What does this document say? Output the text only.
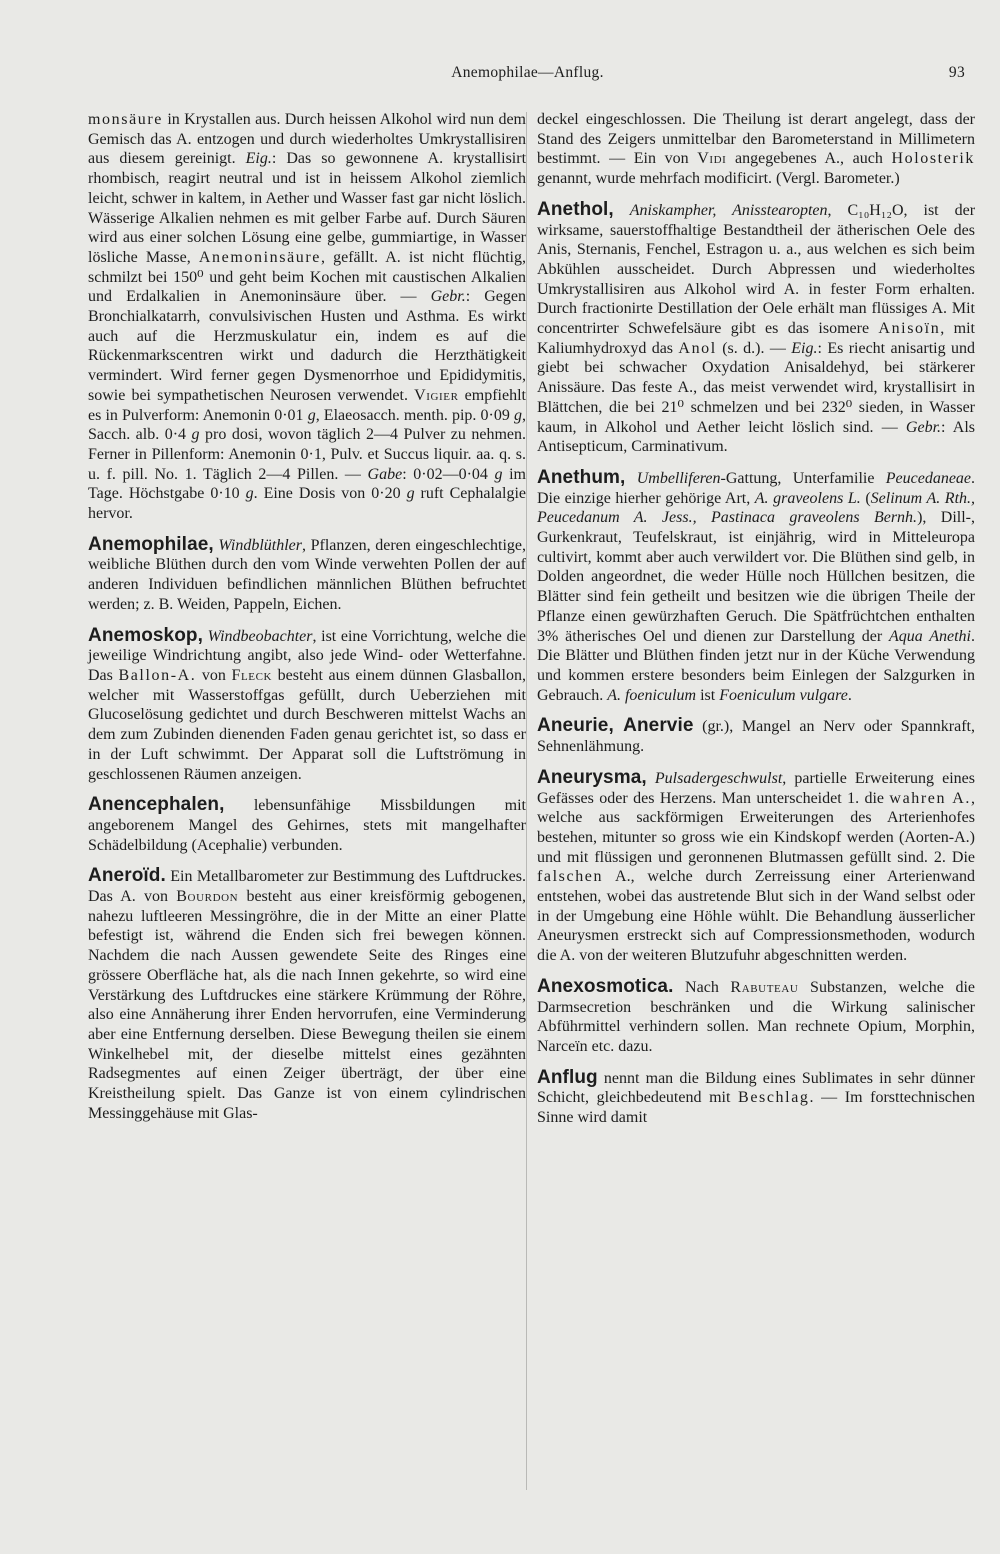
Anemophilae—Anflug.	93

monsäure in Krystallen aus. Durch heissen Alkohol wird nun dem Gemisch das A. entzogen und durch wiederholtes Umkrystallisiren aus diesem gereinigt. Eig.: Das so gewonnene A. krystallisirt rhombisch, reagirt neutral und ist in heissem Alkohol ziemlich leicht, schwer in kaltem, in Aether und Wasser fast gar nicht löslich. Wässerige Alkalien nehmen es mit gelber Farbe auf. Durch Säuren wird aus einer solchen Lösung eine gelbe, gummiartige, in Wasser lösliche Masse, Anemoninsäure, gefällt. A. ist nicht flüchtig, schmilzt bei 150⁰ und geht beim Kochen mit caustischen Alkalien und Erdalkalien in Anemoninsäure über. — Gebr.: Gegen Bronchialkatarrh, convulsivischen Husten und Asthma. Es wirkt auch auf die Herzmuskulatur ein, indem es auf die Rückenmarkscentren wirkt und dadurch die Herzthätigkeit vermindert. Wird ferner gegen Dysmenorrhoe und Epididymitis, sowie bei sympathetischen Neurosen verwendet. Vigier empfiehlt es in Pulverform: Anemonin 0·01 g, Elaeosacch. menth. pip. 0·09 g, Sacch. alb. 0·4 g pro dosi, wovon täglich 2—4 Pulver zu nehmen. Ferner in Pillenform: Anemonin 0·1, Pulv. et Succus liquir. aa. q. s. u. f. pill. No. 1. Täglich 2—4 Pillen. — Gabe: 0·02—0·04 g im Tage. Höchstgabe 0·10 g. Eine Dosis von 0·20 g ruft Cephalalgie hervor.

Anemophilae, Windblüthler, Pflanzen, deren eingeschlechtige, weibliche Blüthen durch den vom Winde verwehten Pollen der auf anderen Individuen befindlichen männlichen Blüthen befruchtet werden; z. B. Weiden, Pappeln, Eichen.

Anemoskop, Windbeobachter, ist eine Vorrichtung, welche die jeweilige Windrichtung angibt, also jede Wind- oder Wetterfahne. Das Ballon-A. von Fleck besteht aus einem dünnen Glasballon, welcher mit Wasserstoffgas gefüllt, durch Ueberziehen mit Glucoselösung gedichtet und durch Beschweren mittelst Wachs an dem zum Zubinden dienenden Faden genau gerichtet ist, so dass er in der Luft schwimmt. Der Apparat soll die Luftströmung in geschlossenen Räumen anzeigen.

Anencephalen, lebensunfähige Missbildungen mit angeborenem Mangel des Gehirnes, stets mit mangelhafter Schädelbildung (Acephalie) verbunden.

Aneroïd. Ein Metallbarometer zur Bestimmung des Luftdruckes. Das A. von Bourdon besteht aus einer kreisförmig gebogenen, nahezu luftleeren Messingröhre, die in der Mitte an einer Platte befestigt ist, während die Enden sich frei bewegen können. Nachdem die nach Aussen gewendete Seite des Ringes eine grössere Oberfläche hat, als die nach Innen gekehrte, so wird eine Verstärkung des Luftdruckes eine stärkere Krümmung der Röhre, also eine Annäherung ihrer Enden hervorrufen, eine Verminderung aber eine Entfernung derselben. Diese Bewegung theilen sie einem Winkelhebel mit, der dieselbe mittelst eines gezähnten Radsegmentes auf einen Zeiger überträgt, der über eine Kreistheilung spielt. Das Ganze ist von einem cylindrischen Messinggehäuse mit Glas-

deckel eingeschlossen. Die Theilung ist derart angelegt, dass der Stand des Zeigers unmittelbar den Barometerstand in Millimetern bestimmt. — Ein von Vidi angegebenes A., auch Holosterik genannt, wurde mehrfach modificirt. (Vergl. Barometer.)

Anethol, Anisk​ampher, Anisstearopten, C₁₀H₁₂O, ist der wirksame, sauerstoffhaltige Bestandtheil der ätherischen Oele des Anis, Sternanis, Fenchel, Estragon u. a., aus welchen es sich beim Abkühlen ausscheidet. Durch Abpressen und wiederholtes Umkrystallisiren aus Alkohol wird A. in fester Form erhalten. Durch fractionirte Destillation der Oele erhält man flüssiges A. Mit concentrirter Schwefelsäure gibt es das isomere Anisoïn, mit Kaliumhydroxyd das Anol (s. d.). — Eig.: Es riecht anisartig und giebt bei schwacher Oxydation Anisaldehyd, bei stärkerer Anissäure. Das feste A., das meist verwendet wird, krystallisirt in Blättchen, die bei 21⁰ schmelzen und bei 232⁰ sieden, in Wasser kaum, in Alkohol und Aether leicht löslich sind. — Gebr.: Als Antisepticum, Carminativum.

Anethum, Umbelliferen-Gattung, Unterfamilie Peucedaneae. Die einzige hierher gehörige Art, A. graveolens L. (Selinum A. Rth., Peucedanum A. Jess., Pastinaca graveolens Bernh.), Dill-, Gurkenkraut, Teufelskraut, ist einjährig, wird in Mitteleuropa cultivirt, kommt aber auch verwildert vor. Die Blüthen sind gelb, in Dolden angeordnet, die weder Hülle noch Hüllchen besitzen, die Blätter sind fein getheilt und besitzen wie die übrigen Theile der Pflanze einen gewürzhaften Geruch. Die Spätfrüchtchen enthalten 3% ätherisches Oel und dienen zur Darstellung der Aqua Anethi. Die Blätter und Blüthen finden jetzt nur in der Küche Verwendung und kommen erstere besonders beim Einlegen der Salzgurken in Gebrauch. A. foeniculum ist Foeniculum vulgare.

Aneurie, Anervie (gr.), Mangel an Nerv oder Spannkraft, Sehnenlähmung.

Aneurysma, Pulsadergeschwulst, partielle Erweiterung eines Gefässes oder des Herzens. Man unterscheidet 1. die wahren A., welche aus sackförmigen Erweiterungen des Arterienhofes bestehen, mitunter so gross wie ein Kindskopf werden (Aorten-A.) und mit flüssigen und geronnenen Blutmassen gefüllt sind. 2. Die falschen A., welche durch Zerreissung einer Arterienwand entstehen, wobei das austretende Blut sich in der Wand selbst oder in der Umgebung eine Höhle wühlt. Die Behandlung äusserlicher Aneurysmen erstreckt sich auf Compressionsmethoden, wodurch die A. von der weiteren Blutzufuhr abgeschnitten werden.

Anexosmotica. Nach Rabuteau Substanzen, welche die Darmsecretion beschränken und die Wirkung salinischer Abführmittel verhindern sollen. Man rechnete Opium, Morphin, Narceïn etc. dazu.

Anflug nennt man die Bildung eines Sublimates in sehr dünner Schicht, gleichbedeutend mit Beschlag. — Im forsttechnischen Sinne wird damit
